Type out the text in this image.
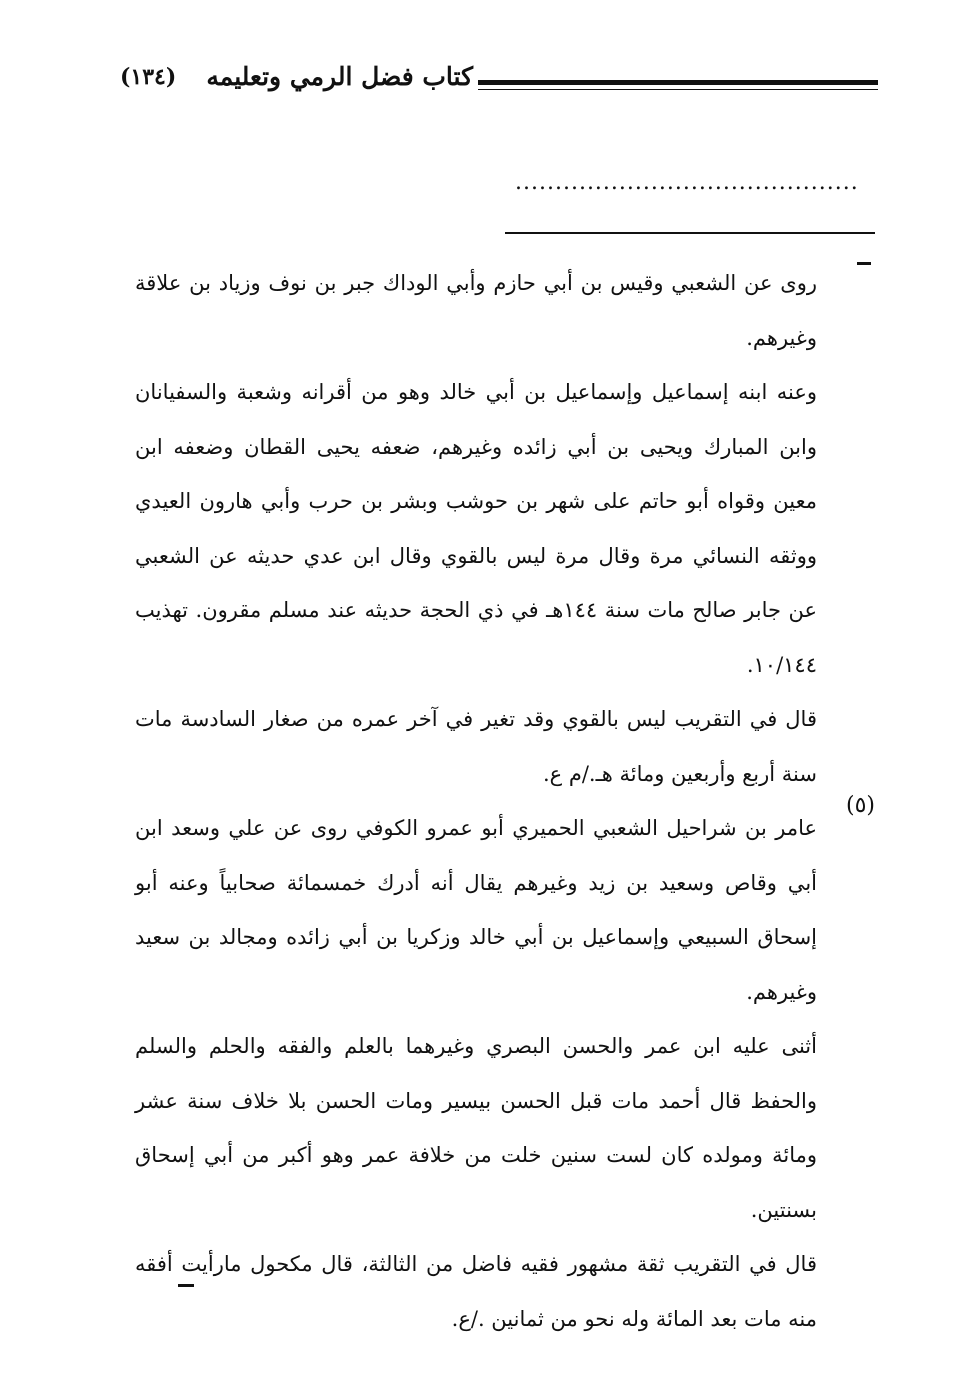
كتاب فضل الرمي وتعليمه
(١٣٤)
...........................................
(٥)

روى عن الشعبي وقيس بن أبي حازم وأبي الوداك جبر بن نوف وزياد بن علاقة وغيرهم.

وعنه ابنه إسماعيل وإسماعيل بن أبي خالد وهو من أقرانه وشعبة والسفيانان وابن المبارك ويحيى بن أبي زائده وغيرهم، ضعفه يحيى القطان وضعفه ابن معين وقواه أبو حاتم على شهر بن حوشب وبشر بن حرب وأبي هارون العيدي ووثقه النسائي مرة وقال مرة ليس بالقوي وقال ابن عدي حديثه عن الشعبي عن جابر صالح مات سنة ١٤٤هـ في ذي الحجة حديثه عند مسلم مقرون. تهذيب ١٠/١٤٤.

قال في التقريب ليس بالقوي وقد تغير في آخر عمره من صغار السادسة مات سنة أربع وأربعين ومائة هـ./م ع.

عامر بن شراحيل الشعبي الحميري أبو عمرو الكوفي روى عن علي وسعد ابن أبي وقاص وسعيد بن زيد وغيرهم يقال أنه أدرك خمسمائة صحابياً وعنه أبو إسحاق السبيعي وإسماعيل بن أبي خالد وزكريا بن أبي زائده ومجالد بن سعيد وغيرهم.

أثنى عليه ابن عمر والحسن البصري وغيرهما بالعلم والفقه والحلم والسلم والحفظ قال أحمد مات قبل الحسن بيسير ومات الحسن بلا خلاف سنة عشر ومائة ومولده كان لست سنين خلت من خلافة عمر وهو أكبر من أبي إسحاق بسنتين.

قال في التقريب ثقة مشهور فقيه فاضل من الثالثة، قال مكحول مارأيت أفقه منه مات بعد المائة وله نحو من ثمانين ./ع.
